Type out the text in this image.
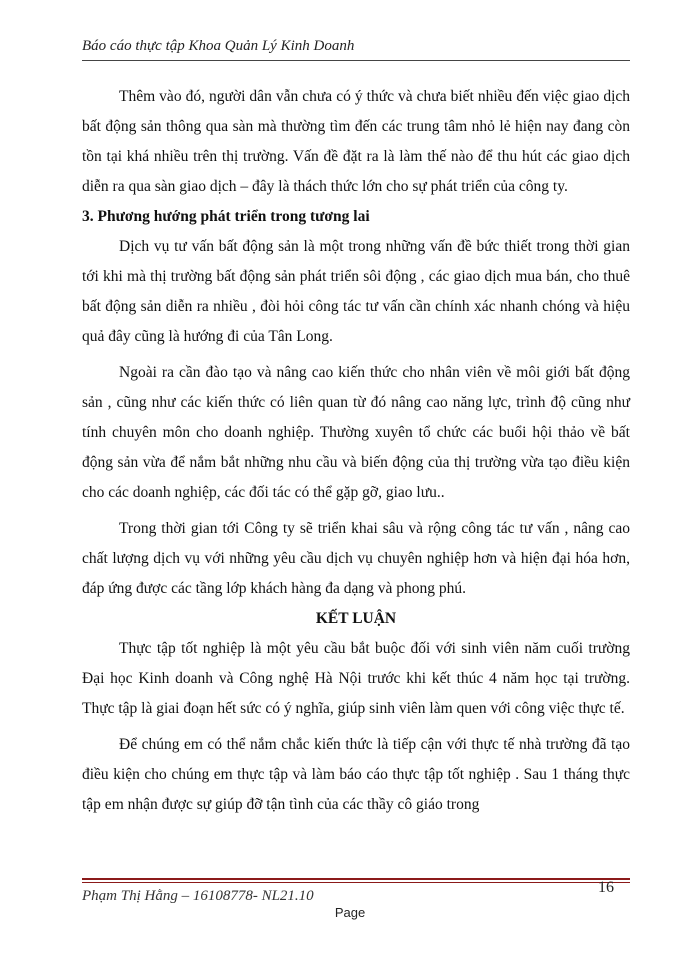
Báo cáo thực tập Khoa Quản Lý Kinh Doanh

Thêm vào đó, người dân vẫn chưa có ý thức và chưa biết nhiều đến việc giao dịch bất động sản thông qua sàn mà thường tìm đến các trung tâm nhỏ lẻ hiện nay đang còn tồn tại khá nhiều trên thị trường. Vấn đề đặt ra là làm thế nào để thu hút các giao dịch diễn ra qua sàn giao dịch – đây là thách thức lớn cho sự phát triển của công ty.

3. Phương hướng phát triển trong tương lai

Dịch vụ tư vấn bất động sản là một trong những vấn đề bức thiết trong thời gian tới khi mà thị trường bất động sản phát triển sôi động , các giao dịch mua bán, cho thuê bất động sản diễn ra nhiều , đòi hỏi công tác tư vấn cần chính xác nhanh chóng và hiệu quả đây cũng là hướng đi của Tân Long.

Ngoài ra cần đào tạo và nâng cao kiến thức cho nhân viên về môi giới bất động sản , cũng như các kiến thức có liên quan từ đó nâng cao năng lực, trình độ cũng như tính chuyên môn cho doanh nghiệp. Thường xuyên tổ chức các buổi hội thảo về bất động sản vừa để nắm bắt những nhu cầu và biến động của thị trường vừa tạo điều kiện cho các doanh nghiệp, các đối tác có thể gặp gỡ, giao lưu..

Trong thời gian tới Công ty sẽ triển khai sâu và rộng công tác tư vấn , nâng cao chất lượng dịch vụ với những yêu cầu dịch vụ chuyên nghiệp hơn và hiện đại hóa hơn, đáp ứng được các tầng lớp khách hàng đa dạng và phong phú.

KẾT LUẬN

Thực tập tốt nghiệp là một yêu cầu bắt buộc đối với sinh viên năm cuối trường Đại học Kinh doanh và Công nghệ Hà Nội trước khi kết thúc 4 năm học tại trường. Thực tập là giai đoạn hết sức có ý nghĩa, giúp sinh viên làm quen với công việc thực tế.

Để chúng em có thể nắm chắc kiến thức là tiếp cận với thực tế nhà trường đã tạo điều kiện cho chúng em thực tập và làm báo cáo thực tập tốt nghiệp . Sau 1 tháng thực tập em nhận được sự giúp đỡ tận tình của các thầy cô giáo trong

Phạm Thị Hằng – 16108778- NL21.10	16
Page
